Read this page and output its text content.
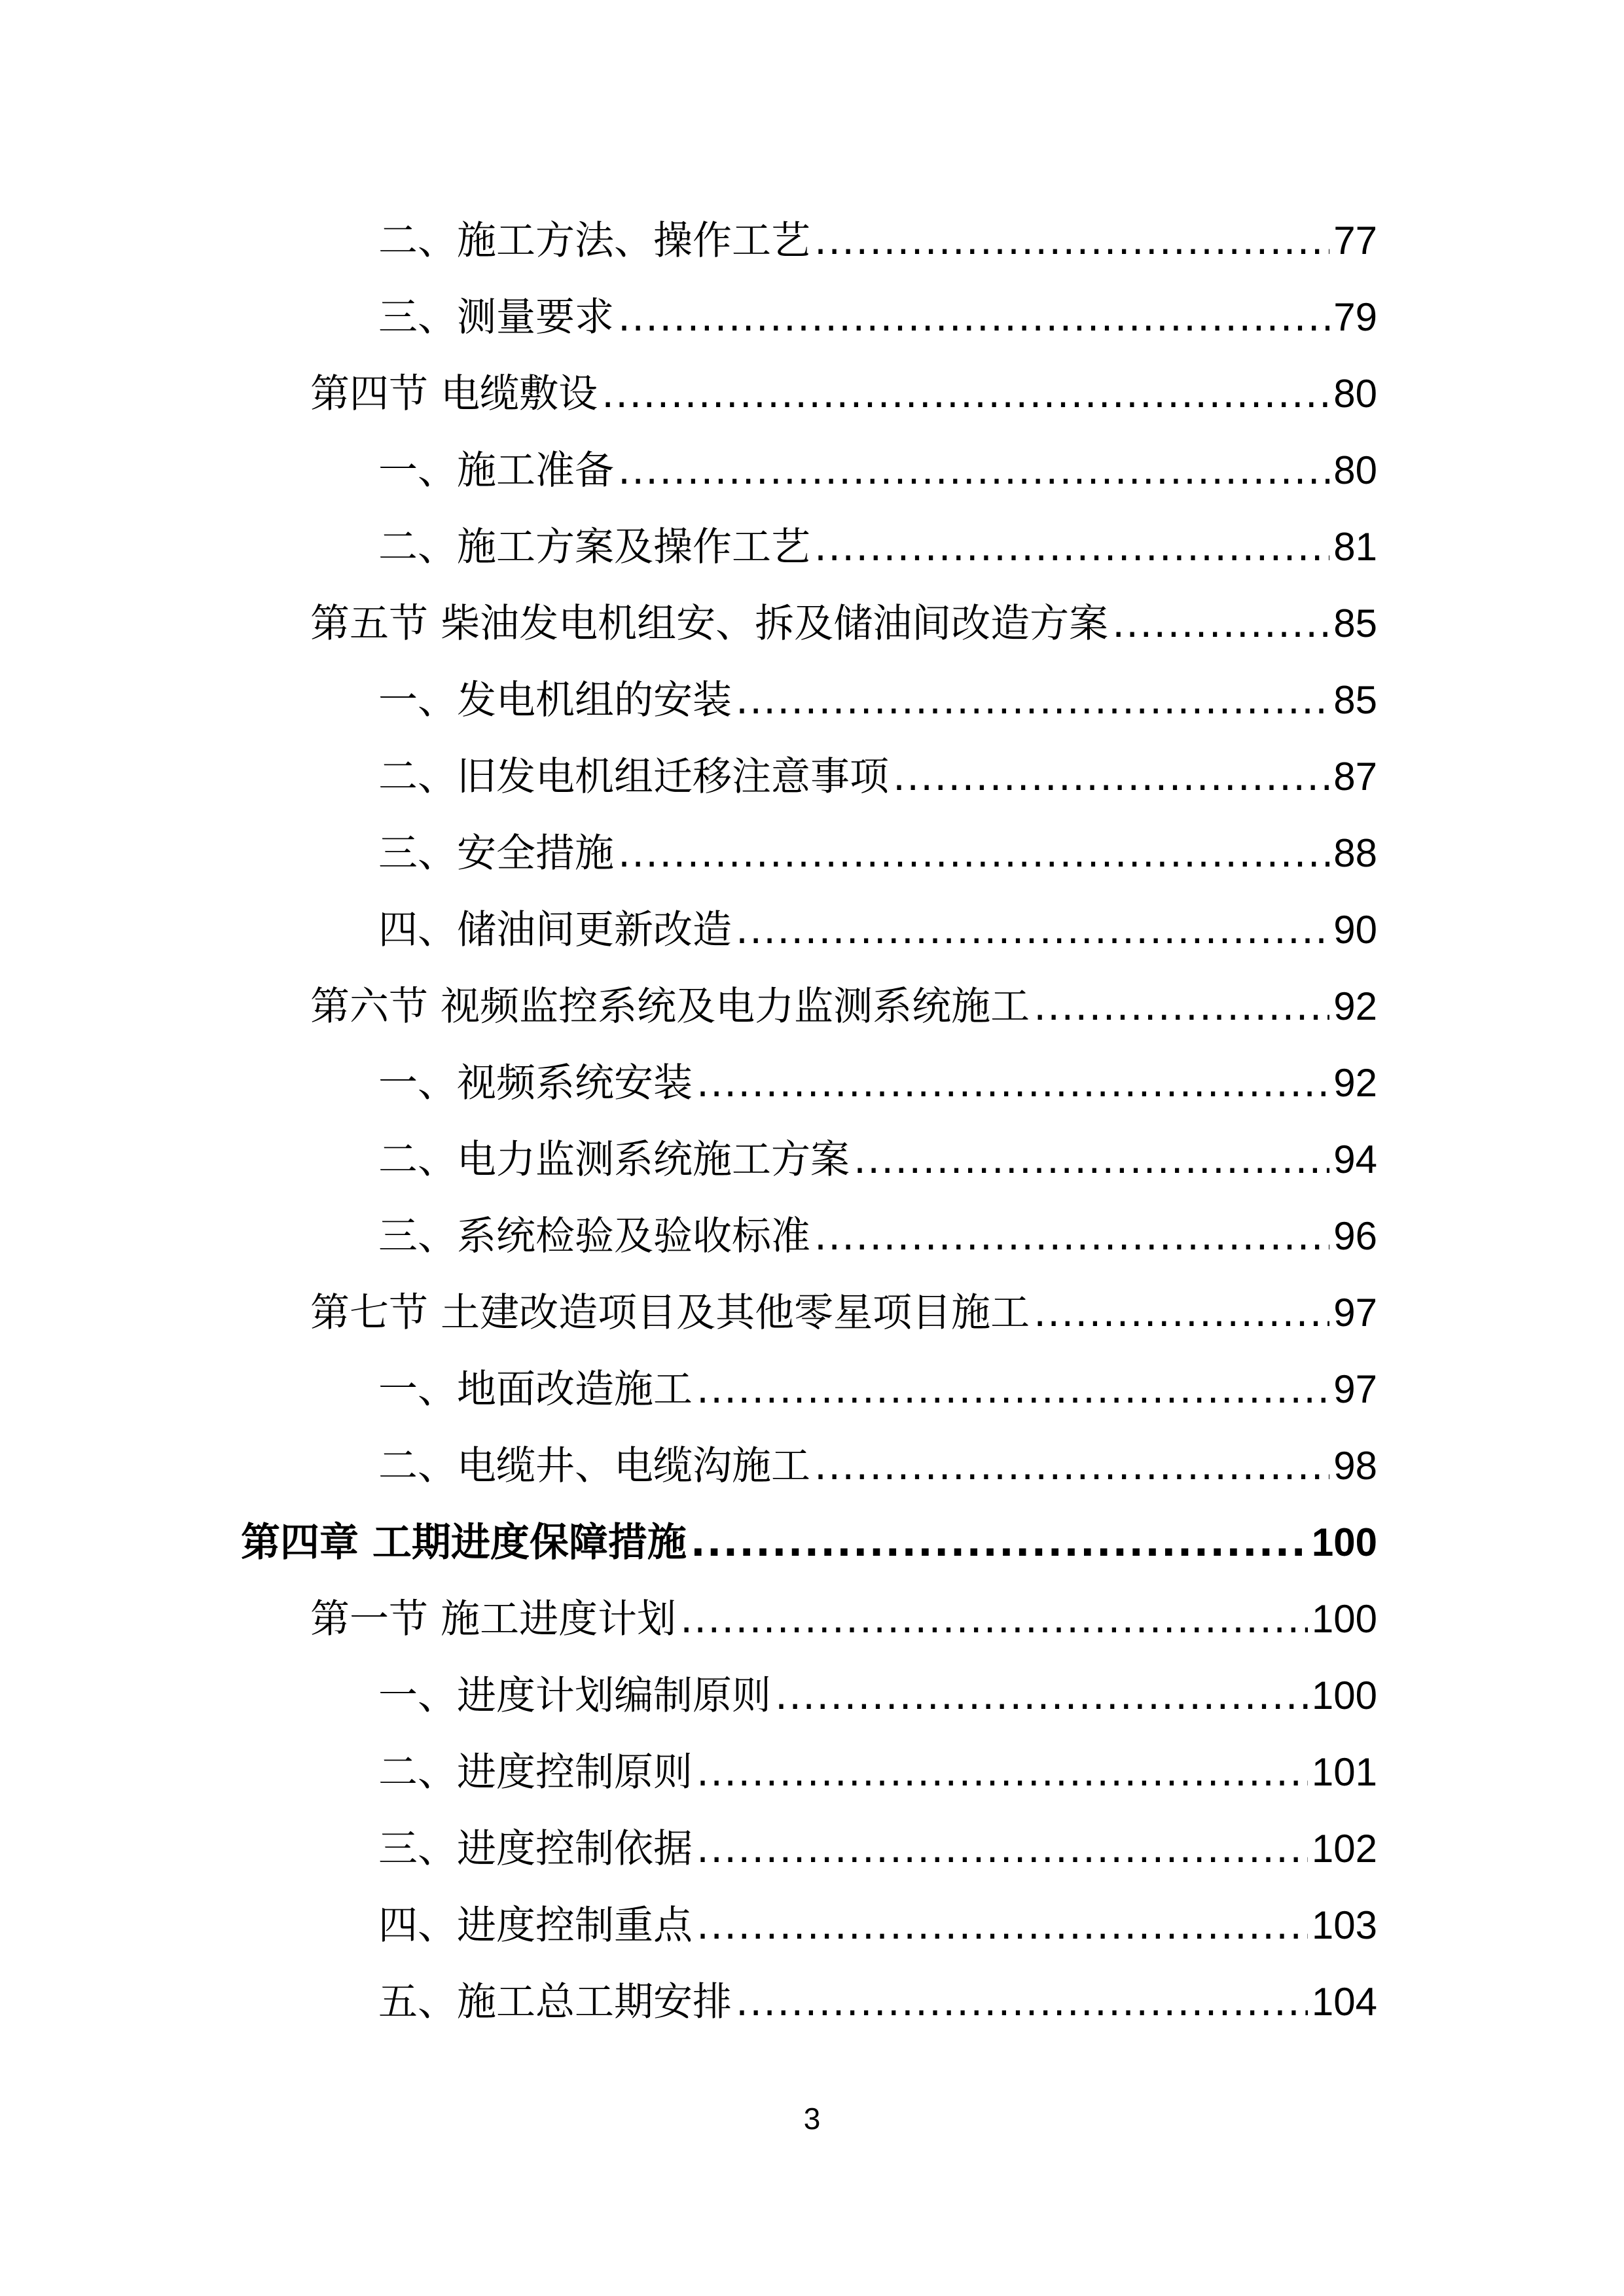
二、施工方法、操作工艺 .....	77
三、测量要求 .....	79
第四节 电缆敷设 .....	80
一、施工准备 .....	80
二、施工方案及操作工艺 .....	81
第五节 柴油发电机组安、拆及储油间改造方案 .....	85
一、发电机组的安装 .....	85
二、旧发电机组迁移注意事项 .....	87
三、安全措施 .....	88
四、储油间更新改造 .....	90
第六节 视频监控系统及电力监测系统施工 .....	92
一、视频系统安装 .....	92
二、电力监测系统施工方案 .....	94
三、系统检验及验收标准 .....	96
第七节 土建改造项目及其他零星项目施工 .....	97
一、地面改造施工 .....	97
二、电缆井、电缆沟施工 .....	98
第四章 工期进度保障措施 .....	100
第一节 施工进度计划 .....	100
一、进度计划编制原则 .....	100
二、进度控制原则 .....	101
三、进度控制依据 .....	102
四、进度控制重点 .....	103
五、施工总工期安排 .....	104
3
